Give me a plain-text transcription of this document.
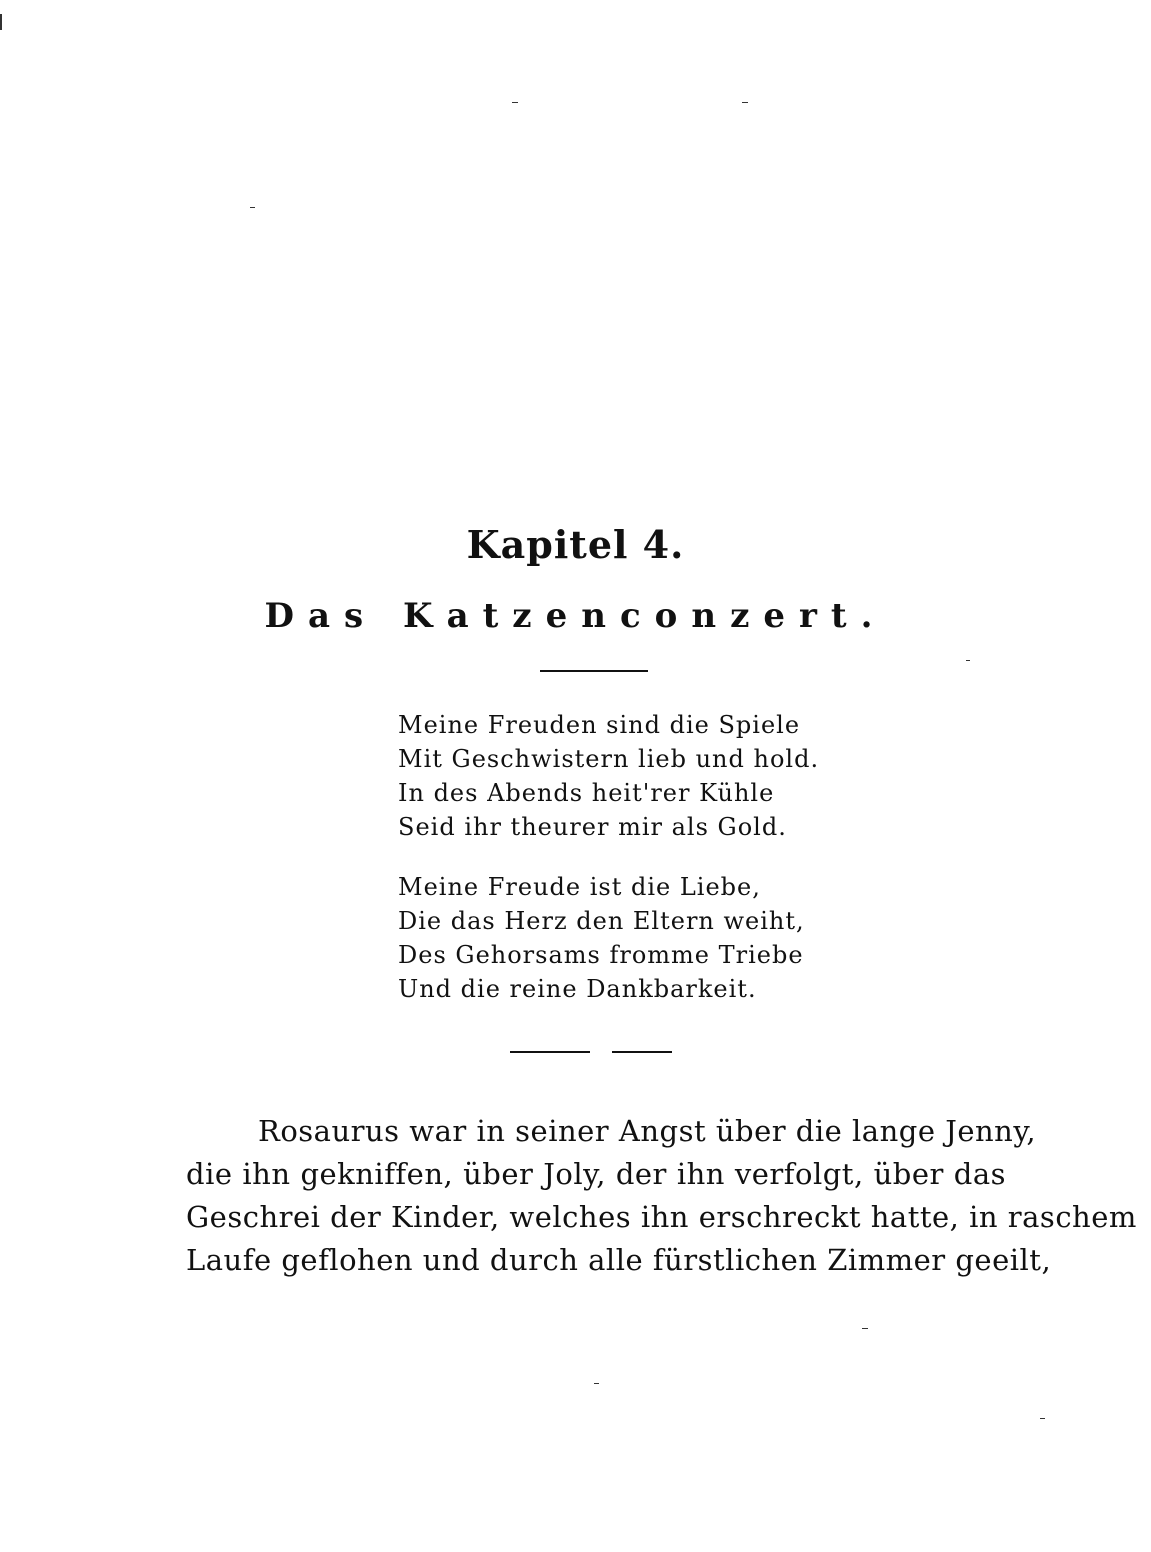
Kapitel 4.
Das Katzenconzert.
Meine Freuden sind die Spiele
Mit Geschwistern lieb und hold.
In des Abends heit'rer Kühle
Seid ihr theurer mir als Gold.
Meine Freude ist die Liebe,
Die das Herz den Eltern weiht,
Des Gehorsams fromme Triebe
Und die reine Dankbarkeit.
Rosaurus war in seiner Angst über die lange Jenny,
die ihn gekniffen, über Joly, der ihn verfolgt, über das
Geschrei der Kinder, welches ihn erschreckt hatte, in raschem
Laufe geflohen und durch alle fürstlichen Zimmer geeilt,
